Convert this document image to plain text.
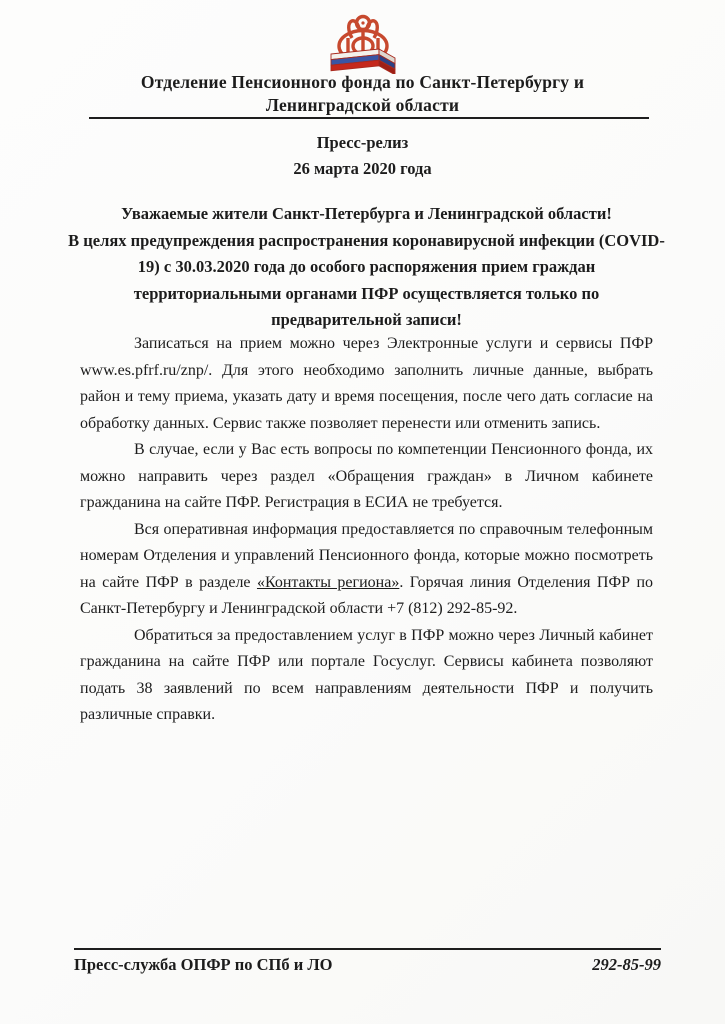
Отделение Пенсионного фонда по Санкт-Петербургу и
Ленинградской области
Пресс-релиз
26 марта 2020 года
Уважаемые жители Санкт-Петербурга и Ленинградской области!
В целях предупреждения распространения коронавирусной инфекции (COVID-19) с 30.03.2020 года до особого распоряжения прием граждан территориальными органами ПФР осуществляется только по предварительной записи!

Записаться на прием можно через Электронные услуги и сервисы ПФР www.es.pfrf.ru/znp/. Для этого необходимо заполнить личные данные, выбрать район и тему приема, указать дату и время посещения, после чего дать согласие на обработку данных. Сервис также позволяет перенести или отменить запись.

В случае, если у Вас есть вопросы по компетенции Пенсионного фонда, их можно направить через раздел «Обращения граждан» в Личном кабинете гражданина на сайте ПФР. Регистрация в ЕСИА не требуется.

Вся оперативная информация предоставляется по справочным телефонным номерам Отделения и управлений Пенсионного фонда, которые можно посмотреть на сайте ПФР в разделе «Контакты региона». Горячая линия Отделения ПФР по Санкт-Петербургу и Ленинградской области +7 (812) 292-85-92.

Обратиться за предоставлением услуг в ПФР можно через Личный кабинет гражданина на сайте ПФР или портале Госуслуг. Сервисы кабинета позволяют подать 38 заявлений по всем направлениям деятельности ПФР и получить различные справки.

Пресс-служба ОПФР по СПб и ЛО	292-85-99
